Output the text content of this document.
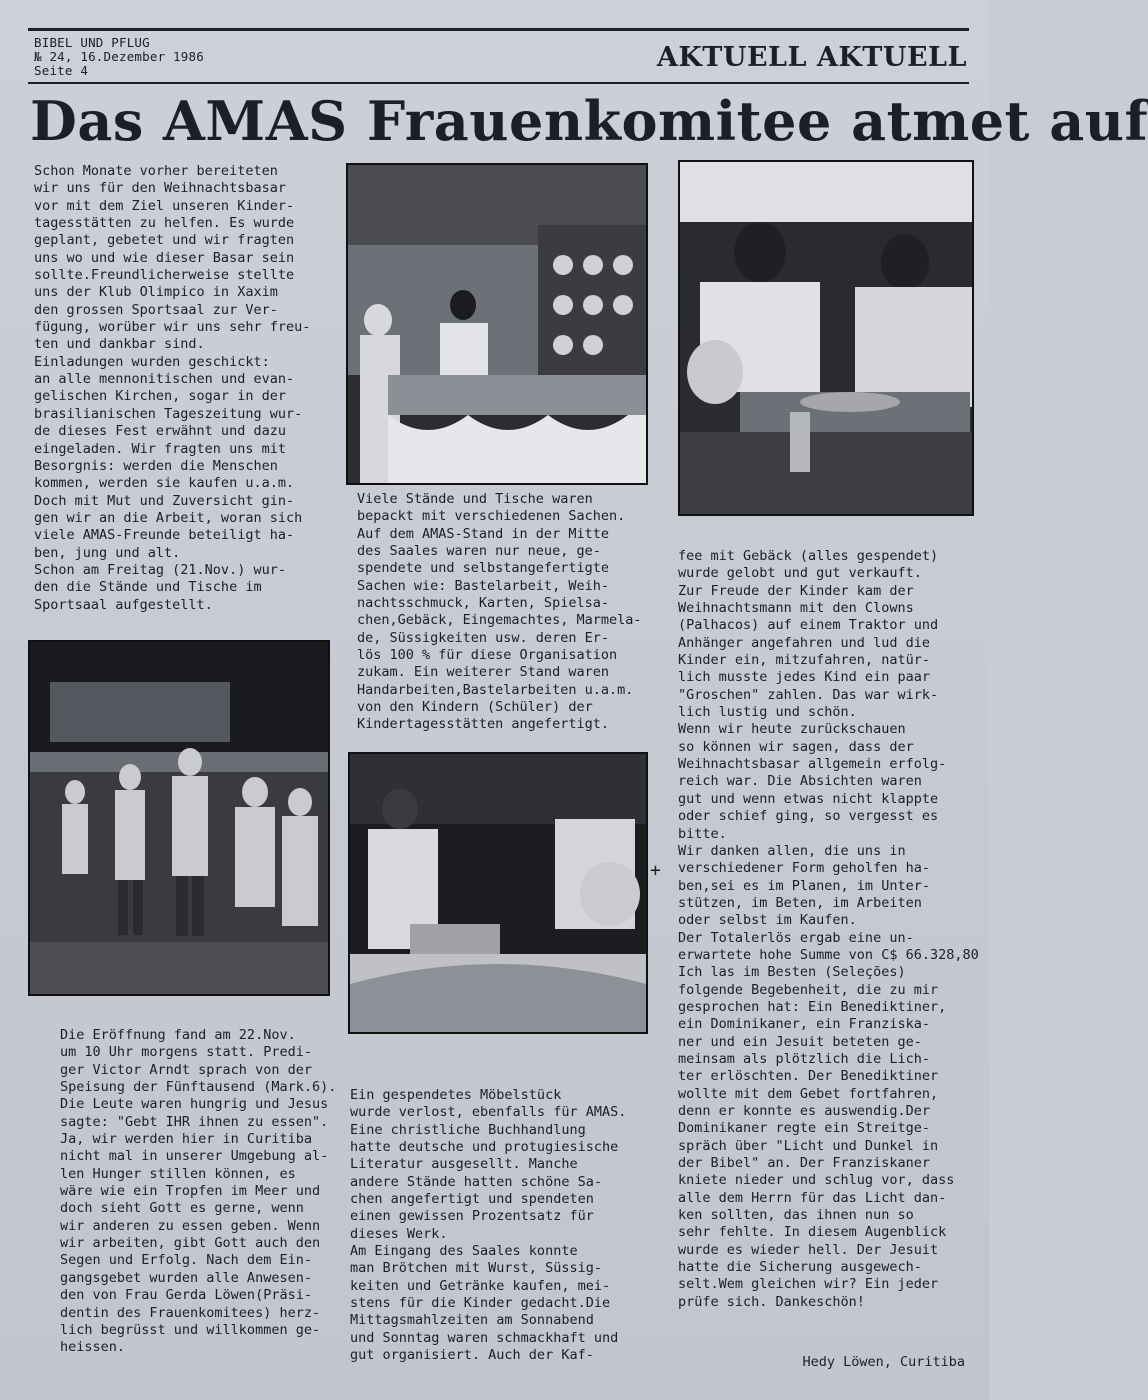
BIBEL UND PFLUG
№ 24, 16.Dezember 1986
Seite 4	AKTUELL AKTUELL
Das AMAS Frauenkomitee atmet auf
Schon Monate vorher bereiteten
wir uns für den Weihnachtsbasar
vor mit dem Ziel unseren Kinder-
tagesstätten zu helfen. Es wurde
geplant, gebetet und wir fragten
uns wo und wie dieser Basar sein
sollte.Freundlicherweise stellte
uns der Klub Olimpico in Xaxim
den grossen Sportsaal zur Ver-
fügung, worüber wir uns sehr freu-
ten und dankbar sind.
Einladungen wurden geschickt:
an alle mennonitischen und evan-
gelischen Kirchen, sogar in der
brasilianischen Tageszeitung wur-
de dieses Fest erwähnt und dazu
eingeladen. Wir fragten uns mit
Besorgnis: werden die Menschen
kommen, werden sie kaufen u.a.m.
Doch mit Mut und Zuversicht gin-
gen wir an die Arbeit, woran sich
viele AMAS-Freunde beteiligt ha-
ben, jung und alt.
Schon am Freitag (21.Nov.) wur-
den die Stände und Tische im
Sportsaal aufgestellt.
Die Eröffnung fand am 22.Nov.
um 10 Uhr morgens statt. Predi-
ger Victor Arndt sprach von der
Speisung der Fünftausend (Mark.6).
Die Leute waren hungrig und Jesus
sagte: "Gebt IHR ihnen zu essen".
Ja, wir werden hier in Curitiba
nicht mal in unserer Umgebung al-
len Hunger stillen können, es
wäre wie ein Tropfen im Meer und
doch sieht Gott es gerne, wenn
wir anderen zu essen geben. Wenn
wir arbeiten, gibt Gott auch den
Segen und Erfolg. Nach dem Ein-
gangsgebet wurden alle Anwesen-
den von Frau Gerda Löwen(Präsi-
dentin des Frauenkomitees) herz-
lich begrüsst und willkommen ge-
heissen.
Viele Stände und Tische waren
bepackt mit verschiedenen Sachen.
Auf dem AMAS-Stand in der Mitte
des Saales waren nur neue, ge-
spendete und selbstangefertigte
Sachen wie: Bastelarbeit, Weih-
nachtsschmuck, Karten, Spielsa-
chen,Gebäck, Eingemachtes, Marmela-
de, Süssigkeiten usw. deren Er-
lös 100 % für diese Organisation
zukam. Ein weiterer Stand waren
Handarbeiten,Bastelarbeiten u.a.m.
von den Kindern (Schüler) der
Kindertagesstätten angefertigt.
Ein gespendetes Möbelstück
wurde verlost, ebenfalls für AMAS.
Eine christliche Buchhandlung
hatte deutsche und protugiesische
Literatur ausgesellt. Manche
andere Stände hatten schöne Sa-
chen angefertigt und spendeten
einen gewissen Prozentsatz für
dieses Werk.
Am Eingang des Saales konnte
man Brötchen mit Wurst, Süssig-
keiten und Getränke kaufen, mei-
stens für die Kinder gedacht.Die
Mittagsmahlzeiten am Sonnabend
und Sonntag waren schmackhaft und
gut organisiert. Auch der Kaf-
fee mit Gebäck (alles gespendet)
wurde gelobt und gut verkauft.
Zur Freude der Kinder kam der
Weihnachtsmann mit den Clowns
(Palhacos) auf einem Traktor und
Anhänger angefahren und lud die
Kinder ein, mitzufahren, natür-
lich musste jedes Kind ein paar
"Groschen" zahlen. Das war wirk-
lich lustig und schön.
Wenn wir heute zurückschauen
so können wir sagen, dass der
Weihnachtsbasar allgemein erfolg-
reich war. Die Absichten waren
gut und wenn etwas nicht klappte
oder schief ging, so vergesst es
bitte.
Wir danken allen, die uns in
verschiedener Form geholfen ha-
ben,sei es im Planen, im Unter-
stützen, im Beten, im Arbeiten
oder selbst im Kaufen.
Der Totalerlös ergab eine un-
erwartete hohe Summe von C$ 66.328,80
Ich las im Besten (Seleções)
folgende Begebenheit, die zu mir
gesprochen hat: Ein Benediktiner,
ein Dominikaner, ein Franziska-
ner und ein Jesuit beteten ge-
meinsam als plötzlich die Lich-
ter erlöschten. Der Benediktiner
wollte mit dem Gebet fortfahren,
denn er konnte es auswendig.Der
Dominikaner regte ein Streitge-
spräch über "Licht und Dunkel in
der Bibel" an. Der Franziskaner
kniete nieder und schlug vor, dass
alle dem Herrn für das Licht dan-
ken sollten, das ihnen nun so
sehr fehlte. In diesem Augenblick
wurde es wieder hell. Der Jesuit
hatte die Sicherung ausgewech-
selt.Wem gleichen wir? Ein jeder
prüfe sich. Dankeschön!
Hedy Löwen, Curitiba
+
